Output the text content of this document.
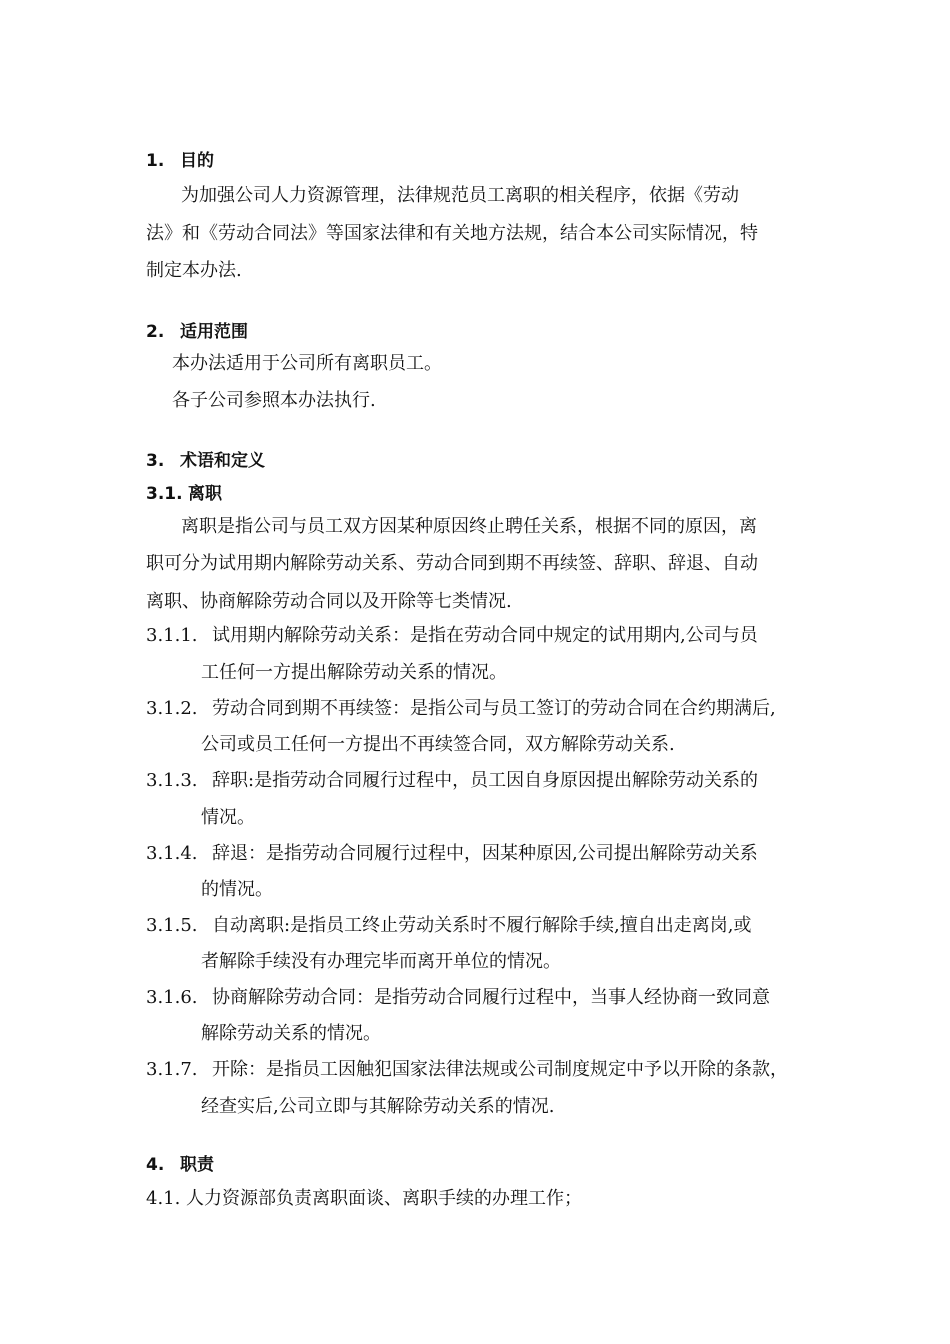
1. 目的
为加强公司人力资源管理，法律规范员工离职的相关程序，依据《劳动
法》和《劳动合同法》等国家法律和有关地方法规，结合本公司实际情况，特
制定本办法.
2. 适用范围
本办法适用于公司所有离职员工。
各子公司参照本办法执行.
3. 术语和定义
3.1. 离职
离职是指公司与员工双方因某种原因终止聘任关系，根据不同的原因，离
职可分为试用期内解除劳动关系、劳动合同到期不再续签、辞职、辞退、自动
离职、协商解除劳动合同以及开除等七类情况.
3.1.1. 试用期内解除劳动关系：是指在劳动合同中规定的试用期内,公司与员
工任何一方提出解除劳动关系的情况。
3.1.2. 劳动合同到期不再续签：是指公司与员工签订的劳动合同在合约期满后,
公司或员工任何一方提出不再续签合同，双方解除劳动关系.
3.1.3. 辞职:是指劳动合同履行过程中，员工因自身原因提出解除劳动关系的
情况。
3.1.4. 辞退：是指劳动合同履行过程中，因某种原因,公司提出解除劳动关系
的情况。
3.1.5. 自动离职:是指员工终止劳动关系时不履行解除手续,擅自出走离岗,或
者解除手续没有办理完毕而离开单位的情况。
3.1.6. 协商解除劳动合同：是指劳动合同履行过程中，当事人经协商一致同意
解除劳动关系的情况。
3.1.7. 开除：是指员工因触犯国家法律法规或公司制度规定中予以开除的条款，
经查实后,公司立即与其解除劳动关系的情况.
4. 职责
4.1. 人力资源部负责离职面谈、离职手续的办理工作；
